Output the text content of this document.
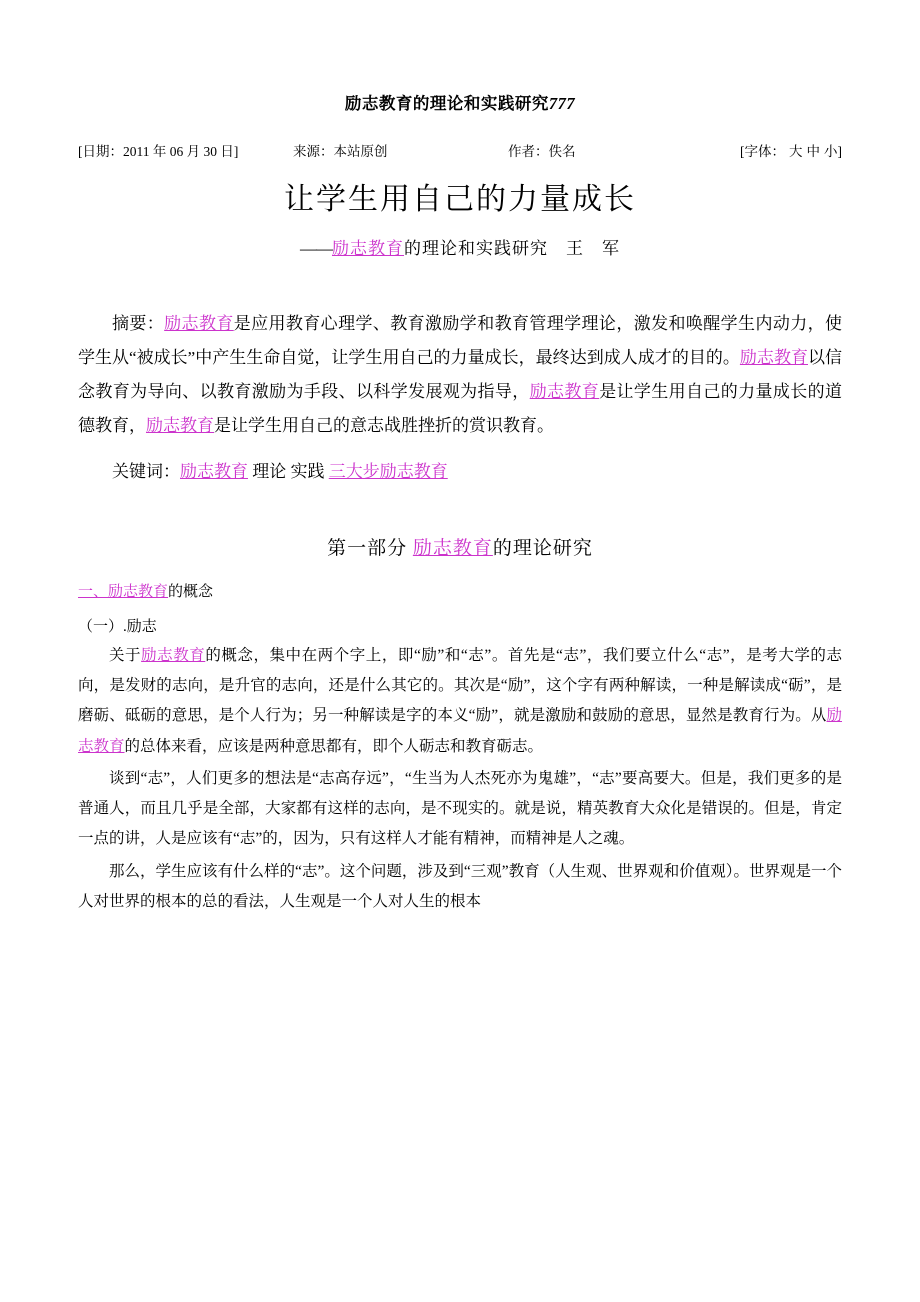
励志教育的理论和实践研究777
[日期：2011 年 06 月 30 日]	来源：本站原创	作者：佚名	[字体： 大 中 小]
让学生用自己的力量成长
——励志教育的理论和实践研究　 王　军
摘要：励志教育是应用教育心理学、教育激励学和教育管理学理论，激发和唤醒学生内动力，使学生从“被成长”中产生生命自觉，让学生用自己的力量成长，最终达到成人成才的目的。励志教育以信念教育为导向、以教育激励为手段、以科学发展观为指导，励志教育是让学生用自己的力量成长的道德教育，励志教育是让学生用自己的意志战胜挫折的赏识教育。
关键词：励志教育 理论 实践 三大步励志教育
第一部分 励志教育的理论研究
一、励志教育的概念
（一）.励志
关于励志教育的概念，集中在两个字上，即“励”和“志”。首先是“志”，我们要立什么“志”，是考大学的志向，是发财的志向，是升官的志向，还是什么其它的。其次是“励”，这个字有两种解读，一种是解读成“砺”，是磨砺、砥砺的意思，是个人行为；另一种解读是字的本义“励”，就是激励和鼓励的意思，显然是教育行为。从励志教育的总体来看，应该是两种意思都有，即个人砺志和教育砺志。
谈到“志”，人们更多的想法是“志高存远”，“生当为人杰死亦为鬼雄”，“志”要高要大。但是，我们更多的是普通人，而且几乎是全部，大家都有这样的志向，是不现实的。就是说，精英教育大众化是错误的。但是，肯定一点的讲，人是应该有“志”的，因为，只有这样人才能有精神，而精神是人之魂。
那么，学生应该有什么样的“志”。这个问题，涉及到“三观”教育（人生观、世界观和价值观）。世界观是一个人对世界的根本的总的看法，人生观是一个人对人生的根本
